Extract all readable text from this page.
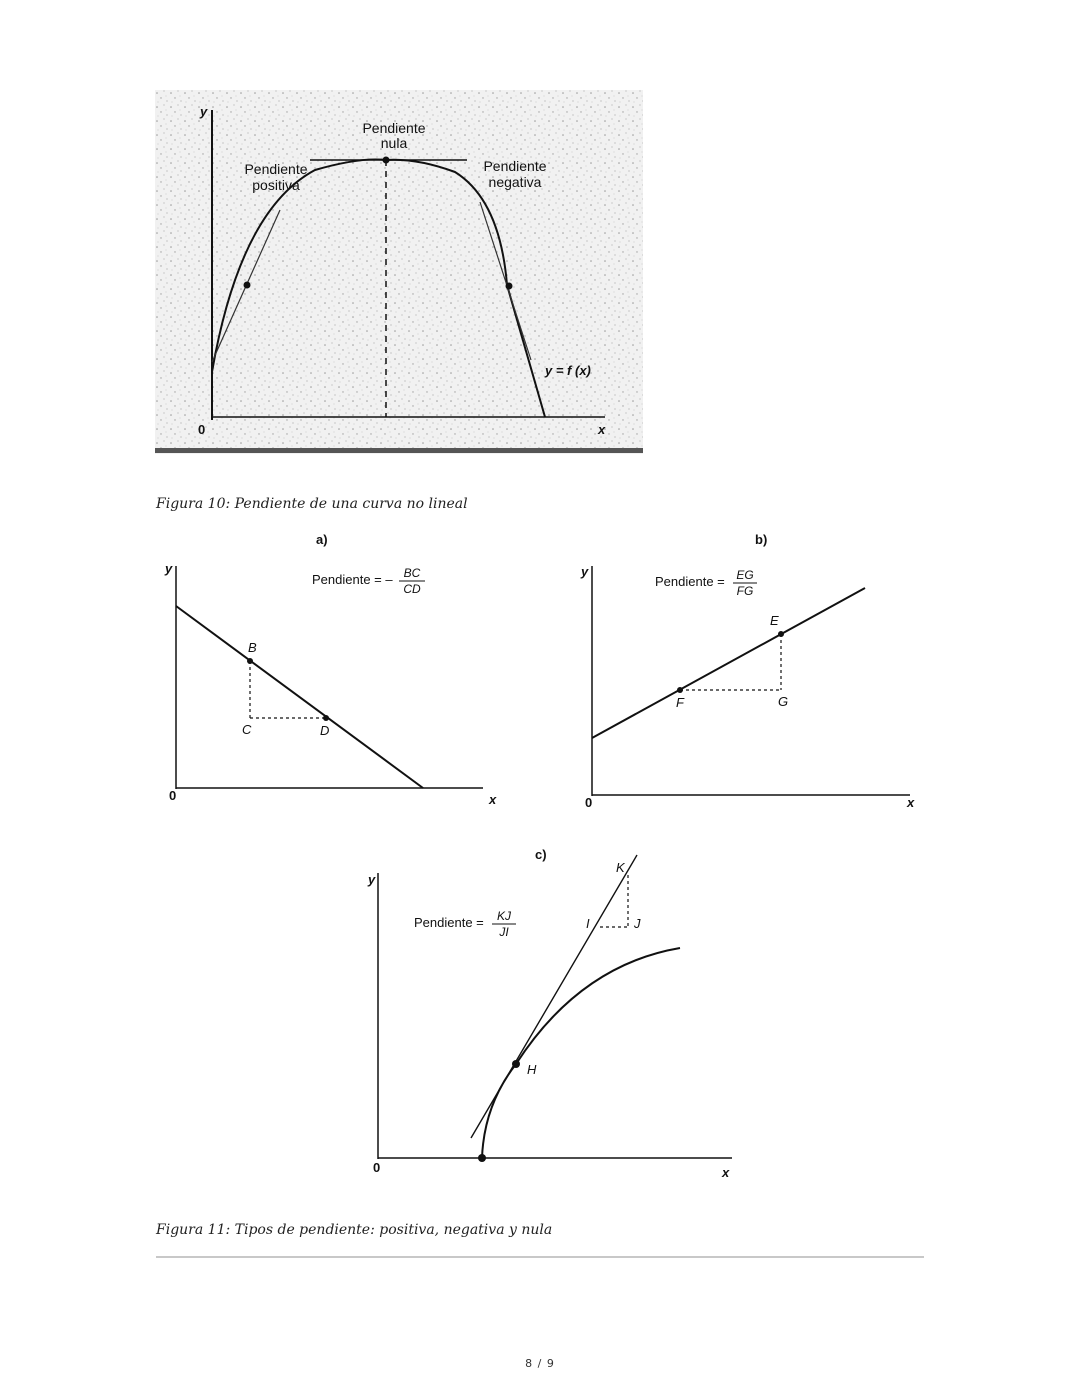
y
x
0
Pendiente
nula
Pendiente
positiva
Pendiente
negativa
y = f (x)
Figura 10: Pendiente de una curva no lineal
a)
y
x
0
B
C	D
Pendiente = – BC
CD
b)
y
x
0
E
F	G
Pendiente = EG
FG
c)
y
x
0
K
I	J
H
Pendiente = KJ
JI
Figura 11: Tipos de pendiente: positiva, negativa y nula
8 / 9
